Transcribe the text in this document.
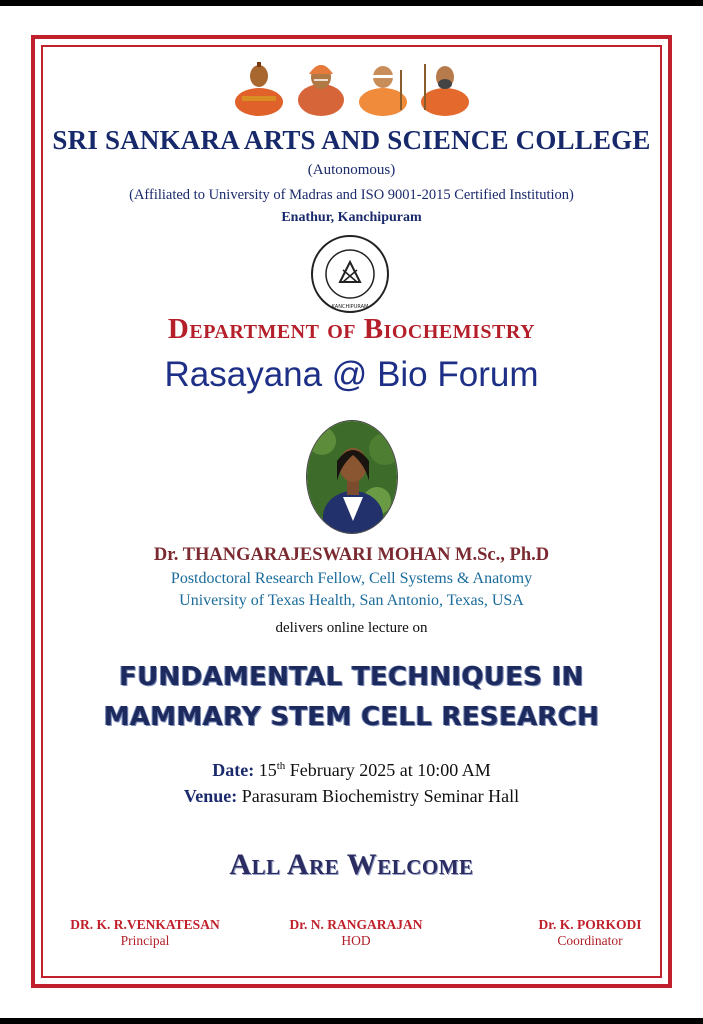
SRI SANKARA ARTS AND SCIENCE COLLEGE
(Autonomous)
(Affiliated to University of Madras and ISO 9001-2015 Certified Institution)
Enathur, Kanchipuram
KANCHIPURAM
Department of Biochemistry
Rasayana @ Bio Forum
Dr. THANGARAJESWARI MOHAN M.Sc., Ph.D
Postdoctoral Research Fellow, Cell Systems & Anatomy
University of Texas Health, San Antonio, Texas, USA
delivers online lecture on
FUNDAMENTAL TECHNIQUES IN
MAMMARY STEM CELL RESEARCH
Date: 15th February 2025 at 10:00 AM
Venue: Parasuram Biochemistry Seminar Hall
All Are Welcome
DR. K. R.VENKATESAN
Principal
Dr. N. RANGARAJAN
HOD
Dr. K. PORKODI
Coordinator
